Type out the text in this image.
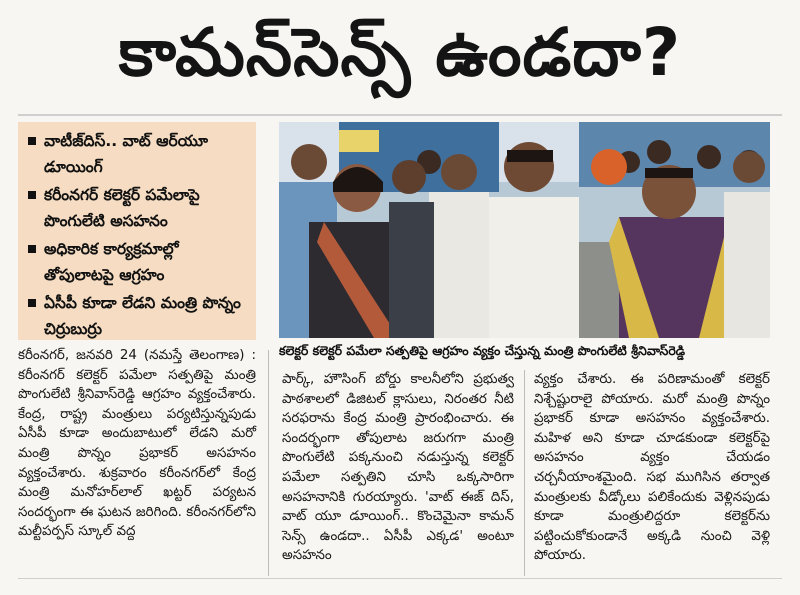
కామన్‌సెన్స్ ఉండదా?
వాటీజ్‌దిస్.. వాట్ ఆర్‌యూ డూయింగ్
కరీంనగర్ కలెక్టర్ పమేలాపై పొంగులేటి అసహనం
అధికారిక కార్యక్రమాల్లో తోపులాటపై ఆగ్రహం
ఏసీపీ కూడా లేడని మంత్రి పొన్నం చిర్రుబుర్రు
కలెక్టర్ కలెక్టర్ పమేలా సత్పతిపై ఆగ్రహం వ్యక్తం చేస్తున్న మంత్రి పొంగులేటి శ్రీనివాస్‌రెడ్డి

కరీంనగర్, జనవరి 24 (నమస్తే తెలంగాణ) : కరీంనగర్ కలెక్టర్ పమేలా సత్పతిపై మంత్రి పొంగులేటి శ్రీనివాస్‌రెడ్డి ఆగ్రహం వ్యక్తంచేశారు. కేంద్ర, రాష్ట్ర మంత్రులు పర్యటిస్తున్నపుడు ఏసీపీ కూడా అందుబాటులో లేడని మరో మంత్రి పొన్నం ప్రభాకర్ అసహనం వ్యక్తంచేశారు. శుక్రవారం కరీంనగర్‌లో కేంద్ర మంత్రి మనోహర్‌లాల్ ఖట్టర్ పర్యటన సందర్భంగా ఈ ఘటన జరిగింది. కరీంనగర్‌లోని మల్టీపర్పస్ స్కూల్ వద్ద

పార్క్, హౌసింగ్ బోర్డు కాలనీలోని ప్రభుత్వ పాఠశాలలో డిజిటల్ క్లాసులు, నిరంతర నీటి సరఫరాను కేంద్ర మంత్రి ప్రారంభించారు. ఈ సందర్భంగా తోపులాట జరుగగా మంత్రి పొంగులేటి పక్కనుంచి నడుస్తున్న కలెక్టర్ పమేలా సత్పతిని చూసి ఒక్కసారిగా అసహనానికి గురయ్యారు. 'వాట్ ఈజ్ దిస్, వాట్ యూ డూయింగ్.. కొంచెమైనా కామన్ సెన్స్ ఉండదా.. ఏసీపీ ఎక్కడ' అంటూ అసహనం

వ్యక్తం చేశారు. ఈ పరిణామంతో కలెక్టర్ నిశ్చేష్టురాలై పోయారు. మరో మంత్రి పొన్నం ప్రభాకర్ కూడా అసహనం వ్యక్తంచేశారు. మహిళ అని కూడా చూడకుండా కలెక్టర్‌పై అసహనం వ్యక్తం చేయడం చర్చనీయాంశమైంది. సభ ముగిసిన తర్వాత మంత్రులకు వీడ్కోలు పలికేందుకు వెళ్లినపుడు కూడా మంత్రులిద్దరూ కలెక్టర్‌ను పట్టించుకోకుండానే అక్కడి నుంచి వెళ్లి పోయారు.
